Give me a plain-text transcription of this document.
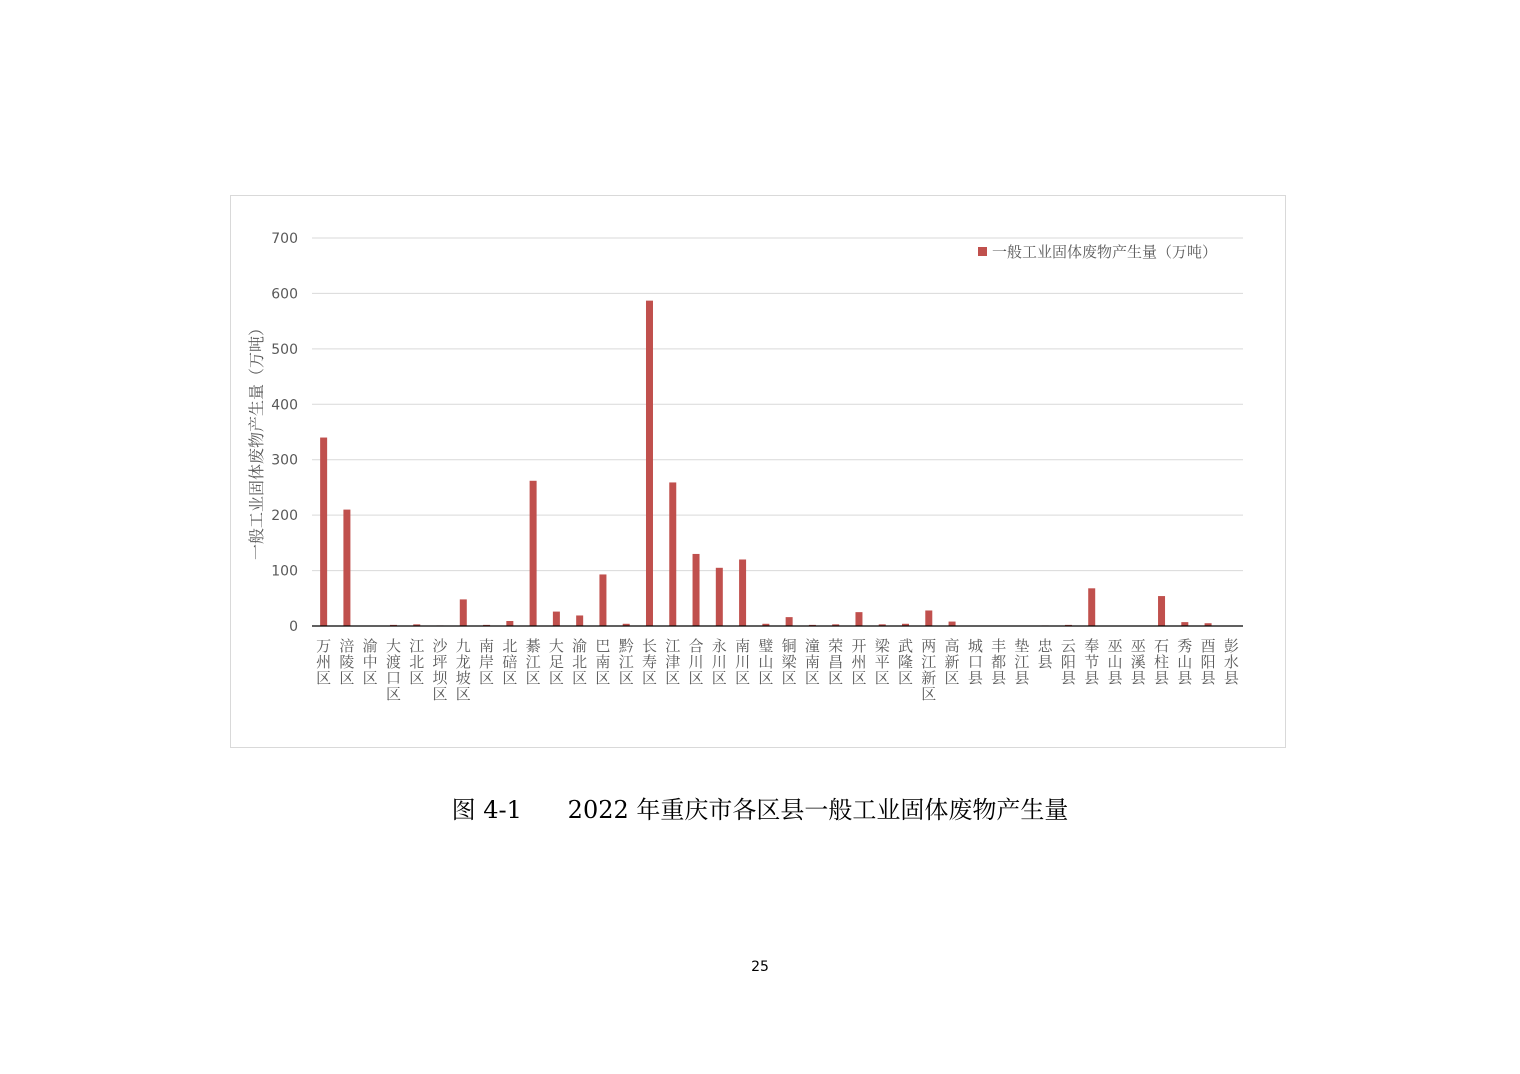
0
100
200
300
400
500
600
700
万州区
涪陵区
渝中区
大渡口区
江北区
沙坪坝区
九龙坡区
南岸区
北碚区
綦江区
大足区
渝北区
巴南区
黔江区
长寿区
江津区
合川区
永川区
南川区
璧山区
铜梁区
潼南区
荣昌区
开州区
梁平区
武隆区
两江新区
高新区
城口县
丰都县
垫江县
忠县
云阳县
奉节县
巫山县
巫溪县
石柱县
秀山县
酉阳县
彭水县
一般工业固体废物产生量（万吨）
一般工业固体废物产生量（万吨）
图 4-1 2022 年重庆市各区县一般工业固体废物产生量
25
